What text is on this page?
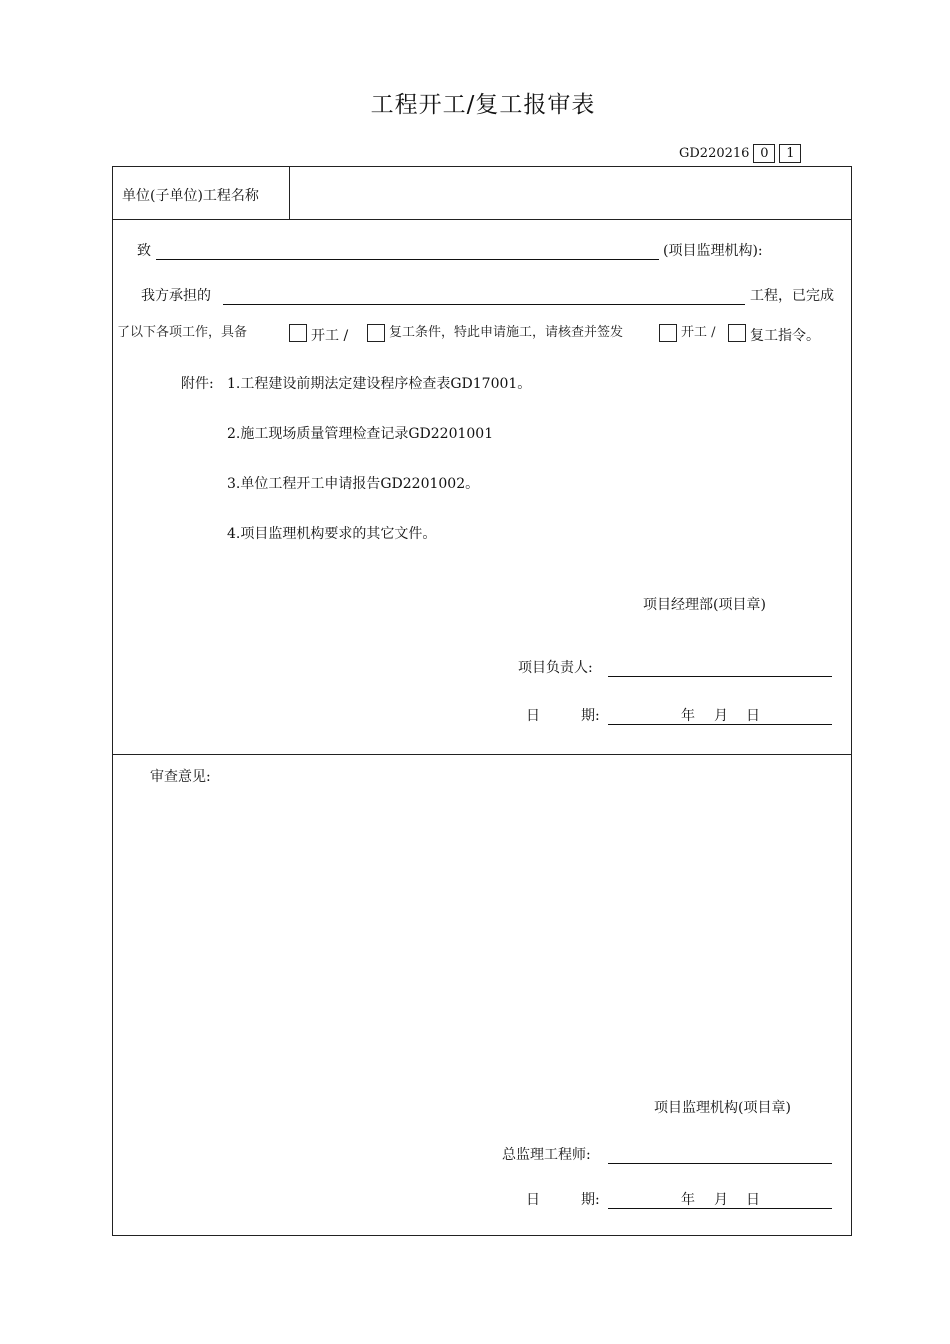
工程开工/复工报审表
GD220216 0	1
单位(子单位)工程名称
致	(项目监理机构):
我方承担的	工程，已完成
了以下各项工作，具备	开工 /	复工条件，特此申请施工，请核查并签发	开工 / 复工指令。
附件: 1.工程建设前期法定建设程序检查表GD17001。
2.施工现场质量管理检查记录GD2201001
3.单位工程开工申请报告GD2201002。
4.项目监理机构要求的其它文件。
项目经理部(项目章)
项目负责人:
日	期:	年 月 日
审查意见:
项目监理机构(项目章)
总监理工程师:
日	期:	年 月 日
